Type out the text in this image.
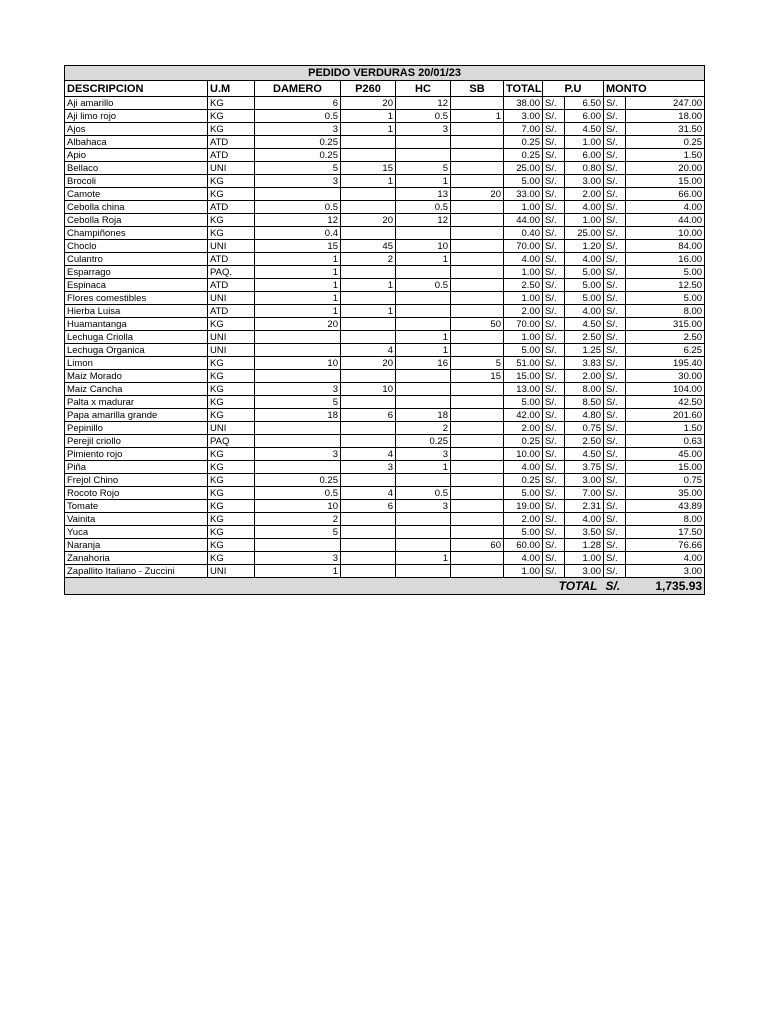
PEDIDO VERDURAS 20/01/23										
DESCRIPCION	U.M	DAMERO	P260	HC	SB	TOTAL	P.U		MONTO	
Aji amarillo	KG	6	20	12		38.00	S/.	6.50	S/.	247.00
Aji limo rojo	KG	0.5	1	0.5	1	3.00	S/.	6.00	S/.	18.00
Ajos	KG	3	1	3		7.00	S/.	4.50	S/.	31.50
Albahaca	ATD	0.25				0.25	S/.	1.00	S/.	0.25
Apio	ATD	0.25				0.25	S/.	6.00	S/.	1.50
Bellaco	UNI	5	15	5		25.00	S/.	0.80	S/.	20.00
Brocoli	KG	3	1	1		5.00	S/.	3.00	S/.	15.00
Camote	KG			13	20	33.00	S/.	2.00	S/.	66.00
Cebolla china	ATD	0.5		0.5		1.00	S/.	4.00	S/.	4.00
Cebolla Roja	KG	12	20	12		44.00	S/.	1.00	S/.	44.00
Champiñones	KG	0.4				0.40	S/.	25.00	S/.	10.00
Choclo	UNI	15	45	10		70.00	S/.	1.20	S/.	84.00
Culantro	ATD	1	2	1		4.00	S/.	4.00	S/.	16.00
Esparrago	PAQ.	1				1.00	S/.	5.00	S/.	5.00
Espinaca	ATD	1	1	0.5		2.50	S/.	5.00	S/.	12.50
Flores comestibles	UNI	1				1.00	S/.	5.00	S/.	5.00
Hierba Luisa	ATD	1	1			2.00	S/.	4.00	S/.	8.00
Huamantanga	KG	20			50	70.00	S/.	4.50	S/.	315.00
Lechuga Criolla	UNI			1		1.00	S/.	2.50	S/.	2.50
Lechuga Organica	UNI		4	1		5.00	S/.	1.25	S/.	6.25
Limon	KG	10	20	16	5	51.00	S/.	3.83	S/.	195.40
Maiz Morado	KG				15	15.00	S/.	2.00	S/.	30.00
Maiz Cancha	KG	3	10			13.00	S/.	8.00	S/.	104.00
Palta x madurar	KG	5				5.00	S/.	8.50	S/.	42.50
Papa amarilla grande	KG	18	6	18		42.00	S/.	4.80	S/.	201.60
Pepinillo	UNI			2		2.00	S/.	0.75	S/.	1.50
Perejil criollo	PAQ			0.25		0.25	S/.	2.50	S/.	0.63
Pimiento rojo	KG	3	4	3		10.00	S/.	4.50	S/.	45.00
Piña	KG		3	1		4.00	S/.	3.75	S/.	15.00
Frejol Chino	KG	0.25				0.25	S/.	3.00	S/.	0.75
Rocoto Rojo	KG	0.5	4	0.5		5.00	S/.	7.00	S/.	35.00
Tomate	KG	10	6	3		19.00	S/.	2.31	S/.	43.89
Vainita	KG	2				2.00	S/.	4.00	S/.	8.00
Yuca	KG	5				5.00	S/.	3.50	S/.	17.50
Naranja	KG				60	60.00	S/.	1.28	S/.	76.66
Zanahoria	KG	3		1		4.00	S/.	1.00	S/.	4.00
Zapallito Italiano - Zuccini	UNI	1				1.00	S/.	3.00	S/.	3.00
							TOTAL		S/.	1,735.93
